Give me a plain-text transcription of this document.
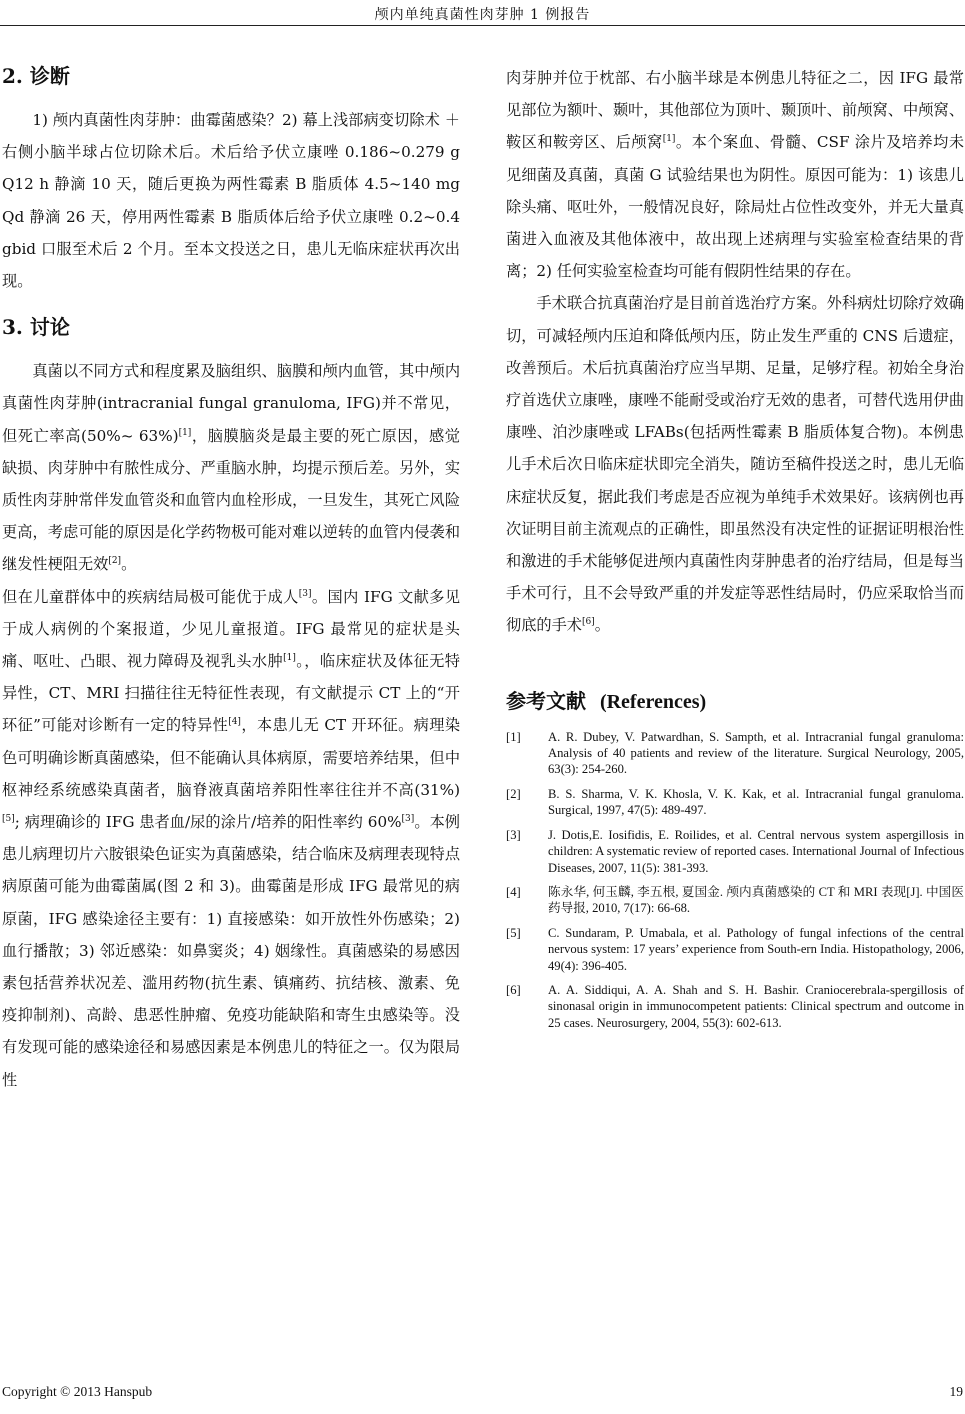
颅内单纯真菌性肉芽肿 1 例报告
2. 诊断

1) 颅内真菌性肉芽肿：曲霉菌感染？2) 幕上浅部病变切除术 ＋ 右侧小脑半球占位切除术后。术后给予伏立康唑 0.186~0.279 g Q12 h 静滴 10 天，随后更换为两性霉素 B 脂质体 4.5~140 mg Qd 静滴 26 天，停用两性霉素 B 脂质体后给予伏立康唑 0.2~0.4 gbid 口服至术后 2 个月。至本文投送之日，患儿无临床症状再次出现。

3. 讨论

真菌以不同方式和程度累及脑组织、脑膜和颅内血管，其中颅内真菌性肉芽肿(intracranial fungal granuloma, IFG)并不常见，但死亡率高(50%~ 63%)[1]，脑膜脑炎是最主要的死亡原因，感觉缺损、肉芽肿中有脓性成分、严重脑水肿，均提示预后差。另外，实质性肉芽肿常伴发血管炎和血管内血栓形成，一旦发生，其死亡风险更高，考虑可能的原因是化学药物极可能对难以逆转的血管内侵袭和继发性梗阻无效[2]。

但在儿童群体中的疾病结局极可能优于成人[3]。国内 IFG 文献多见于成人病例的个案报道，少见儿童报道。IFG 最常见的症状是头痛、呕吐、凸眼、视力障碍及视乳头水肿[1]。，临床症状及体征无特异性，CT、MRI 扫描往往无特征性表现，有文献提示 CT 上的“开环征”可能对诊断有一定的特异性[4]，本患儿无 CT 开环征。病理染色可明确诊断真菌感染，但不能确认具体病原，需要培养结果，但中枢神经系统感染真菌者，脑脊液真菌培养阳性率往往并不高(31%)[5]; 病理确诊的 IFG 患者血/尿的涂片/培养的阳性率约 60%[3]。本例患儿病理切片六胺银染色证实为真菌感染，结合临床及病理表现特点病原菌可能为曲霉菌属(图 2 和 3)。曲霉菌是形成 IFG 最常见的病原菌，IFG 感染途径主要有：1) 直接感染：如开放性外伤感染；2) 血行播散；3) 邻近感染：如鼻窦炎；4) 姻缘性。真菌感染的易感因素包括营养状况差、滥用药物(抗生素、镇痛药、抗结核、激素、免疫抑制剂)、高龄、患恶性肿瘤、免疫功能缺陷和寄生虫感染等。没有发现可能的感染途径和易感因素是本例患儿的特征之一。仅为限局性

肉芽肿并位于枕部、右小脑半球是本例患儿特征之二，因 IFG 最常见部位为额叶、颞叶，其他部位为顶叶、颞顶叶、前颅窝、中颅窝、鞍区和鞍旁区、后颅窝[1]。本个案血、骨髓、CSF 涂片及培养均未见细菌及真菌，真菌 G 试验结果也为阴性。原因可能为：1) 该患儿除头痛、呕吐外，一般情况良好，除局灶占位性改变外，并无大量真菌进入血液及其他体液中，故出现上述病理与实验室检查结果的背离；2) 任何实验室检查均可能有假阴性结果的存在。

手术联合抗真菌治疗是目前首选治疗方案。外科病灶切除疗效确切，可减轻颅内压迫和降低颅内压，防止发生严重的 CNS 后遗症，改善预后。术后抗真菌治疗应当早期、足量，足够疗程。初始全身治疗首选伏立康唑，康唑不能耐受或治疗无效的患者，可替代选用伊曲康唑、泊沙康唑或 LFABs(包括两性霉素 B 脂质体复合物)。本例患儿手术后次日临床症状即完全消失，随访至稿件投送之时，患儿无临床症状反复，据此我们考虑是否应视为单纯手术效果好。该病例也再次证明目前主流观点的正确性，即虽然没有决定性的证据证明根治性和激进的手术能够促进颅内真菌性肉芽肿患者的治疗结局，但是每当手术可行，且不会导致严重的并发症等恶性结局时，仍应采取恰当而彻底的手术[6]。

参考文献 (References)
[1]	A. R. Dubey, V. Patwardhan, S. Sampth, et al. Intracranial fungal granuloma: Analysis of 40 patients and review of the literature. Surgical Neurology, 2005, 63(3): 254-260.
[2]	B. S. Sharma, V. K. Khosla, V. K. Kak, et al. Intracranial fungal granuloma. Surgical, 1997, 47(5): 489-497.
[3]	J. Dotis,E. Iosifidis, E. Roilides, et al. Central nervous system aspergillosis in children: A systematic review of reported cases. International Journal of Infectious Diseases, 2007, 11(5): 381-393.
[4]	陈永华, 何玉麟, 李五根, 夏国金. 颅内真菌感染的 CT 和 MRI 表现[J]. 中国医药导报, 2010, 7(17): 66-68.
[5]	C. Sundaram, P. Umabala, et al. Pathology of fungal infections of the central nervous system: 17 years’ experience from South-ern India. Histopathology, 2006, 49(4): 396-405.
[6]	A. A. Siddiqui, A. A. Shah and S. H. Bashir. Craniocerebrala-spergillosis of sinonasal origin in immunocompetent patients: Clinical spectrum and outcome in 25 cases. Neurosurgery, 2004, 55(3): 602-613.
Copyright © 2013 Hanspub	19
